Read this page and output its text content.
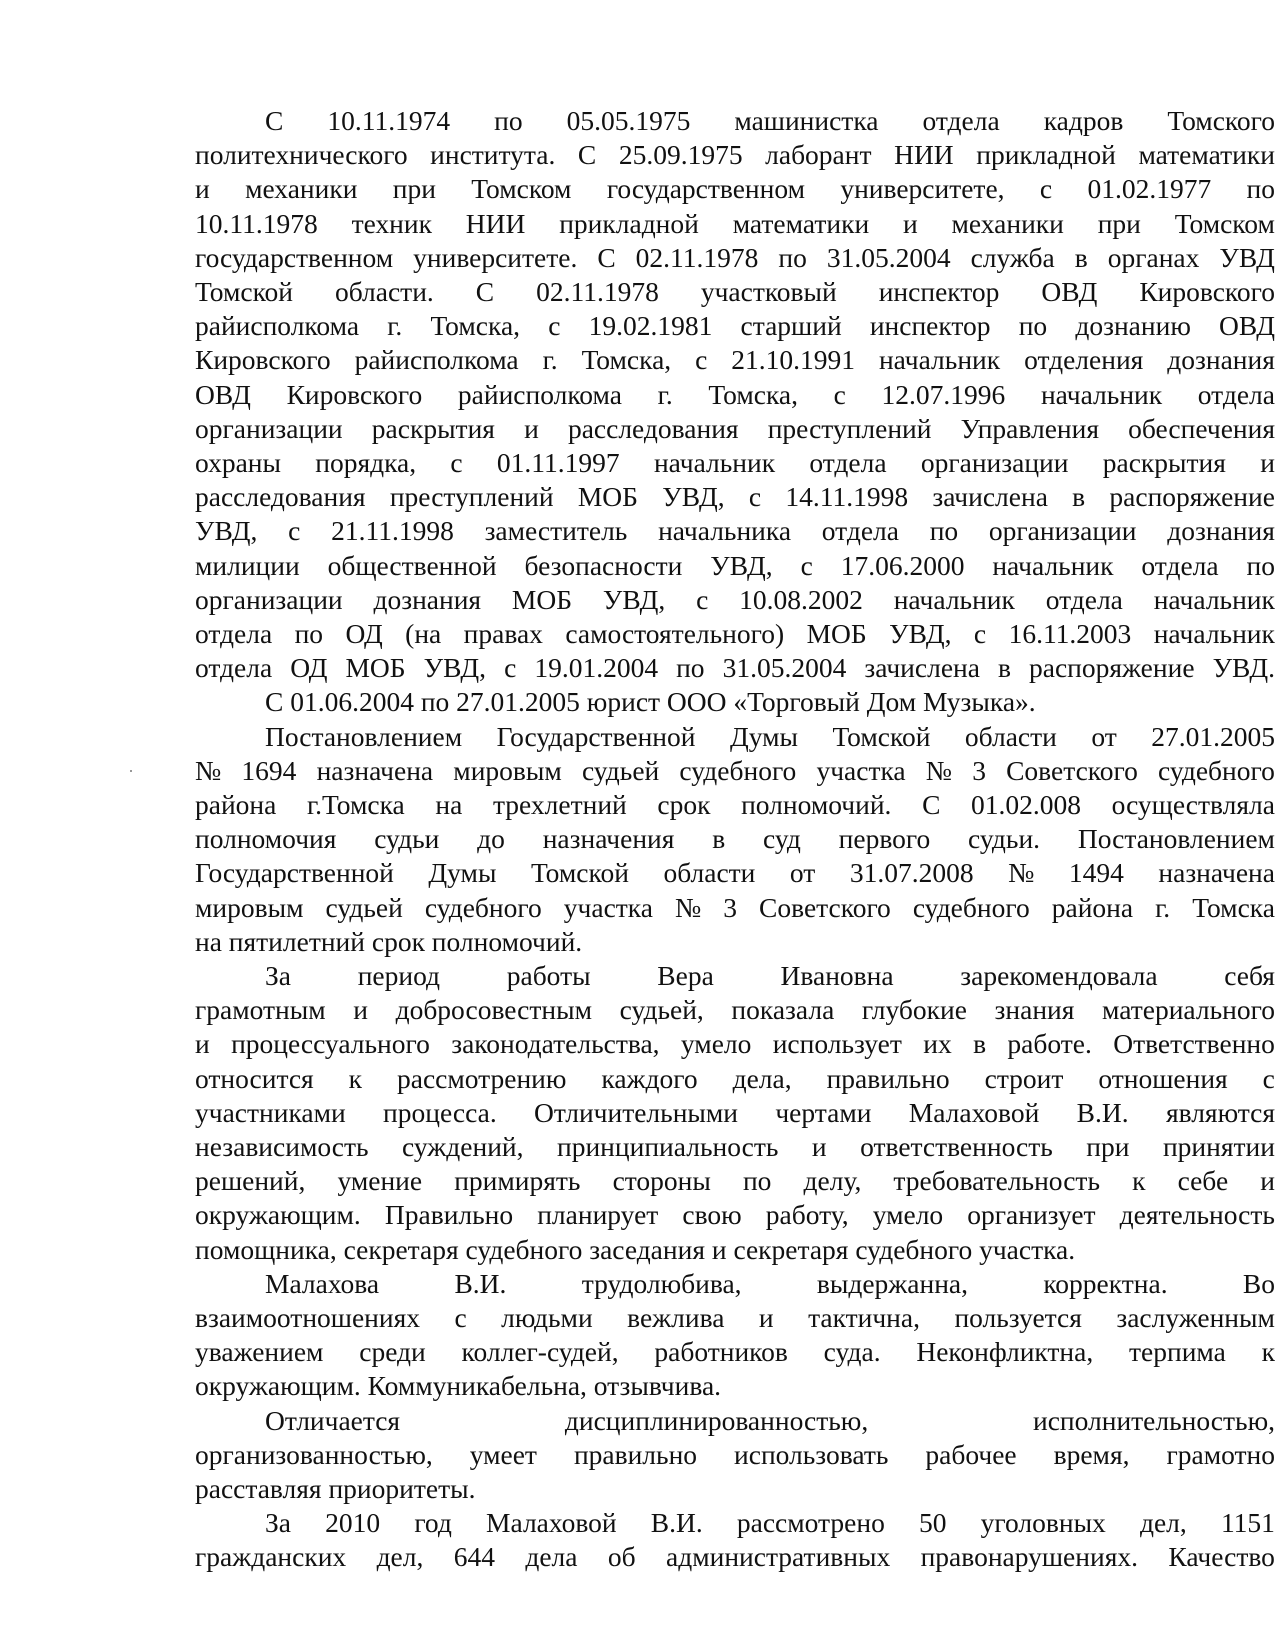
С 10.11.1974 по 05.05.1975 машинистка отдела кадров Томского
политехнического института. С 25.09.1975 лаборант НИИ прикладной математики
и механики при Томском государственном университете, с 01.02.1977 по
10.11.1978 техник НИИ прикладной математики и механики при Томском
государственном университете. С 02.11.1978 по 31.05.2004 служба в органах УВД
Томской области. С 02.11.1978 участковый инспектор ОВД Кировского
райисполкома г. Томска, с 19.02.1981 старший инспектор по дознанию ОВД
Кировского райисполкома г. Томска, с 21.10.1991 начальник отделения дознания
ОВД Кировского райисполкома г. Томска, с 12.07.1996 начальник отдела
организации раскрытия и расследования преступлений Управления обеспечения
охраны порядка, с 01.11.1997 начальник отдела организации раскрытия и
расследования преступлений МОБ УВД, с 14.11.1998 зачислена в распоряжение
УВД, с 21.11.1998 заместитель начальника отдела по организации дознания
милиции общественной безопасности УВД, с 17.06.2000 начальник отдела по
организации дознания МОБ УВД, с 10.08.2002 начальник отдела начальник
отдела по ОД (на правах самостоятельного) МОБ УВД, с 16.11.2003 начальник
отдела ОД МОБ УВД, с 19.01.2004 по 31.05.2004 зачислена в распоряжение УВД.
С 01.06.2004 по 27.01.2005 юрист ООО «Торговый Дом Музыка».
Постановлением Государственной Думы Томской области от 27.01.2005
№ 1694 назначена мировым судьей судебного участка № 3 Советского судебного
района г.Томска на трехлетний срок полномочий. С 01.02.008 осуществляла
полномочия судьи до назначения в суд первого судьи. Постановлением
Государственной Думы Томской области от 31.07.2008 № 1494 назначена
мировым судьей судебного участка № 3 Советского судебного района г. Томска
на пятилетний срок полномочий.
За период работы Вера Ивановна зарекомендовала себя
грамотным и добросовестным судьей, показала глубокие знания материального
и процессуального законодательства, умело использует их в работе. Ответственно
относится к рассмотрению каждого дела, правильно строит отношения с
участниками процесса. Отличительными чертами Малаховой В.И. являются
независимость суждений, принципиальность и ответственность при принятии
решений, умение примирять стороны по делу, требовательность к себе и
окружающим. Правильно планирует свою работу, умело организует деятельность
помощника, секретаря судебного заседания и секретаря судебного участка.
Малахова	В.И.	трудолюбива,	выдержанна,	корректна.	Во
взаимоотношениях с людьми вежлива и тактична, пользуется заслуженным
уважением среди коллег-судей, работников суда. Неконфликтна, терпима к
окружающим. Коммуникабельна, отзывчива.
Отличается	дисциплинированностью,	исполнительностью,
организованностью, умеет правильно использовать рабочее время, грамотно
расставляя приоритеты.
За 2010 год Малаховой В.И. рассмотрено 50 уголовных дел, 1151
гражданских дел, 644 дела об административных правонарушениях. Качество
